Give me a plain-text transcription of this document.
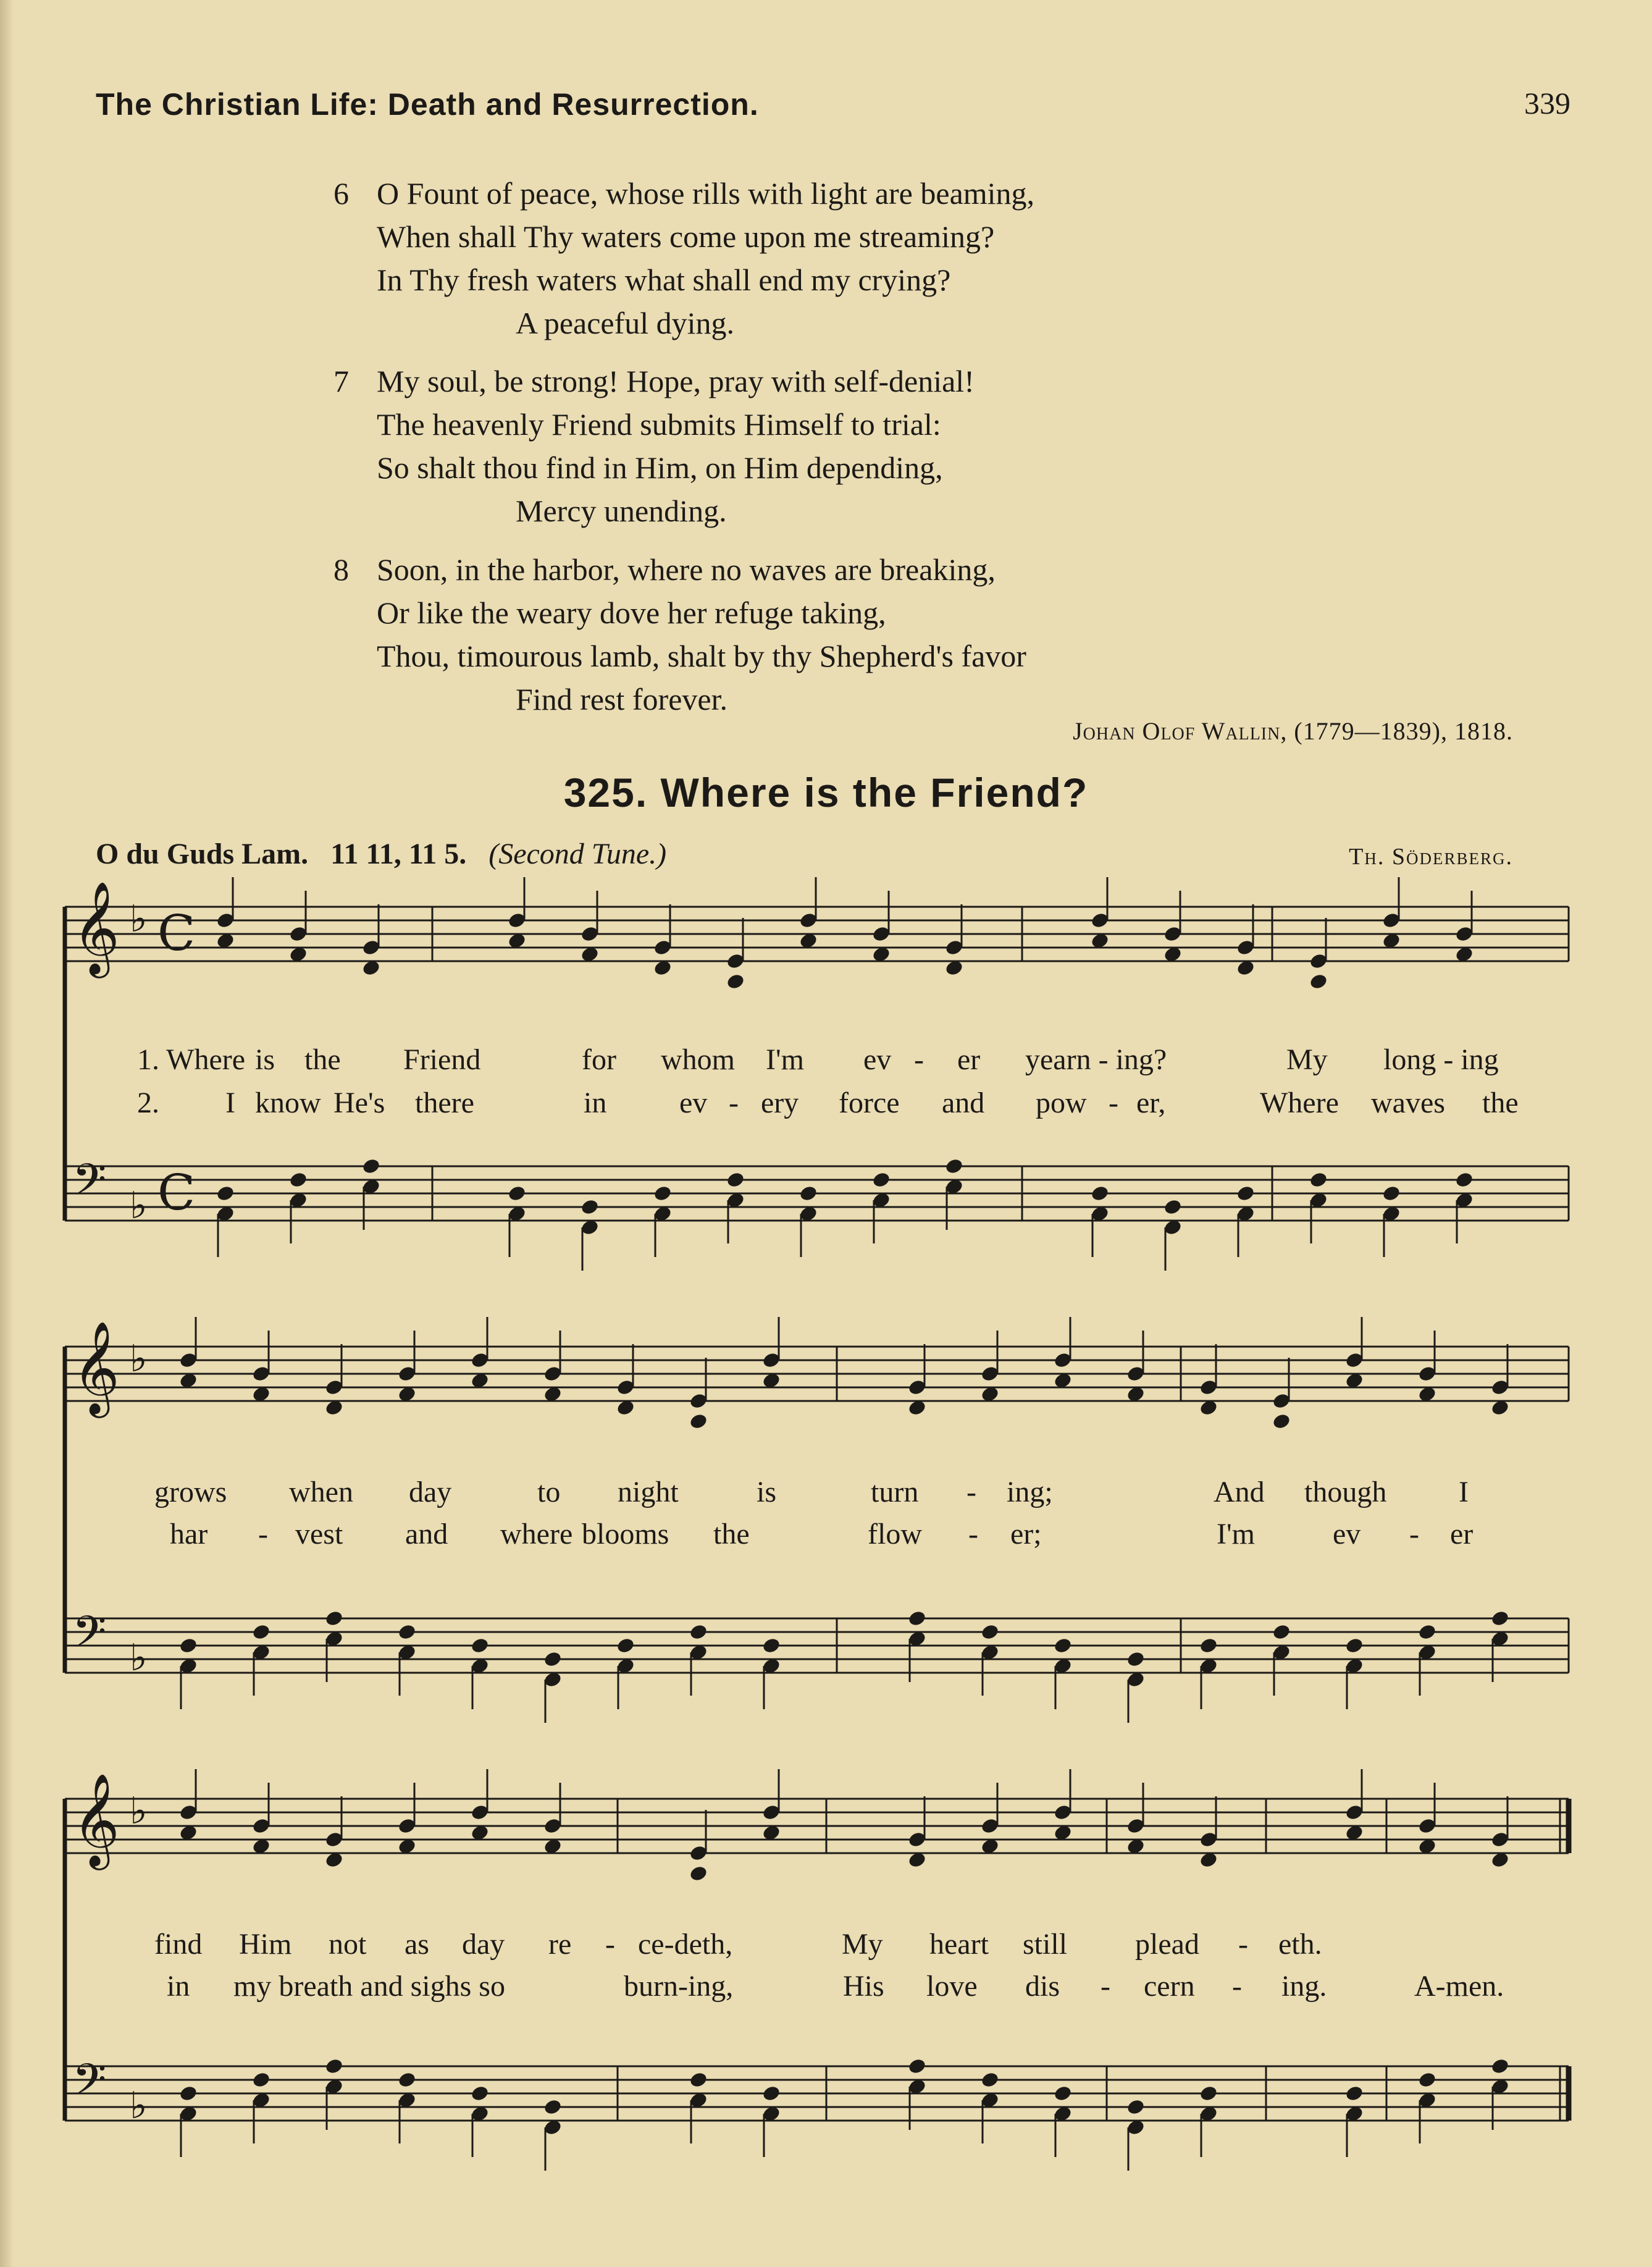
The Christian Life: Death and Resurrection.	339
6 O Fount of peace, whose rills with light are beaming,
When shall Thy waters come upon me streaming?
In Thy fresh waters what shall end my crying?
A peaceful dying.
7 My soul, be strong! Hope, pray with self-denial!
The heavenly Friend submits Himself to trial:
So shalt thou find in Him, on Him depending,
Mercy unending.
8 Soon, in the harbor, where no waves are breaking,
Or like the weary dove her refuge taking,
Thou, timourous lamb, shalt by thy Shepherd's favor
Find rest forever.
Johan Olof Wallin, (1779—1839), 1818.
325. Where is the Friend?
O du Guds Lam. 11 11, 11 5. (Second Tune.)	Th. Söderberg.
𝄞 ♭ C
𝄢 ♭ C
𝄞 ♭
𝄢 ♭
𝄞 ♭
𝄢 ♭
1. Where is the Friend	for whom I'm ev - er yearn - ing?	My long - ing
2. I know He's there	in ev - ery force and pow - er,	Where waves the
grows when day	to night	is	turn - ing;	And though I
har - vest and where blooms the	flow - er;	I'm	ev - er
find Him not as day re - ce-deth,	My heart still plead - eth.
in my breath and sighs so	burn-ing,	His love dis - cern - ing.	A-men.
